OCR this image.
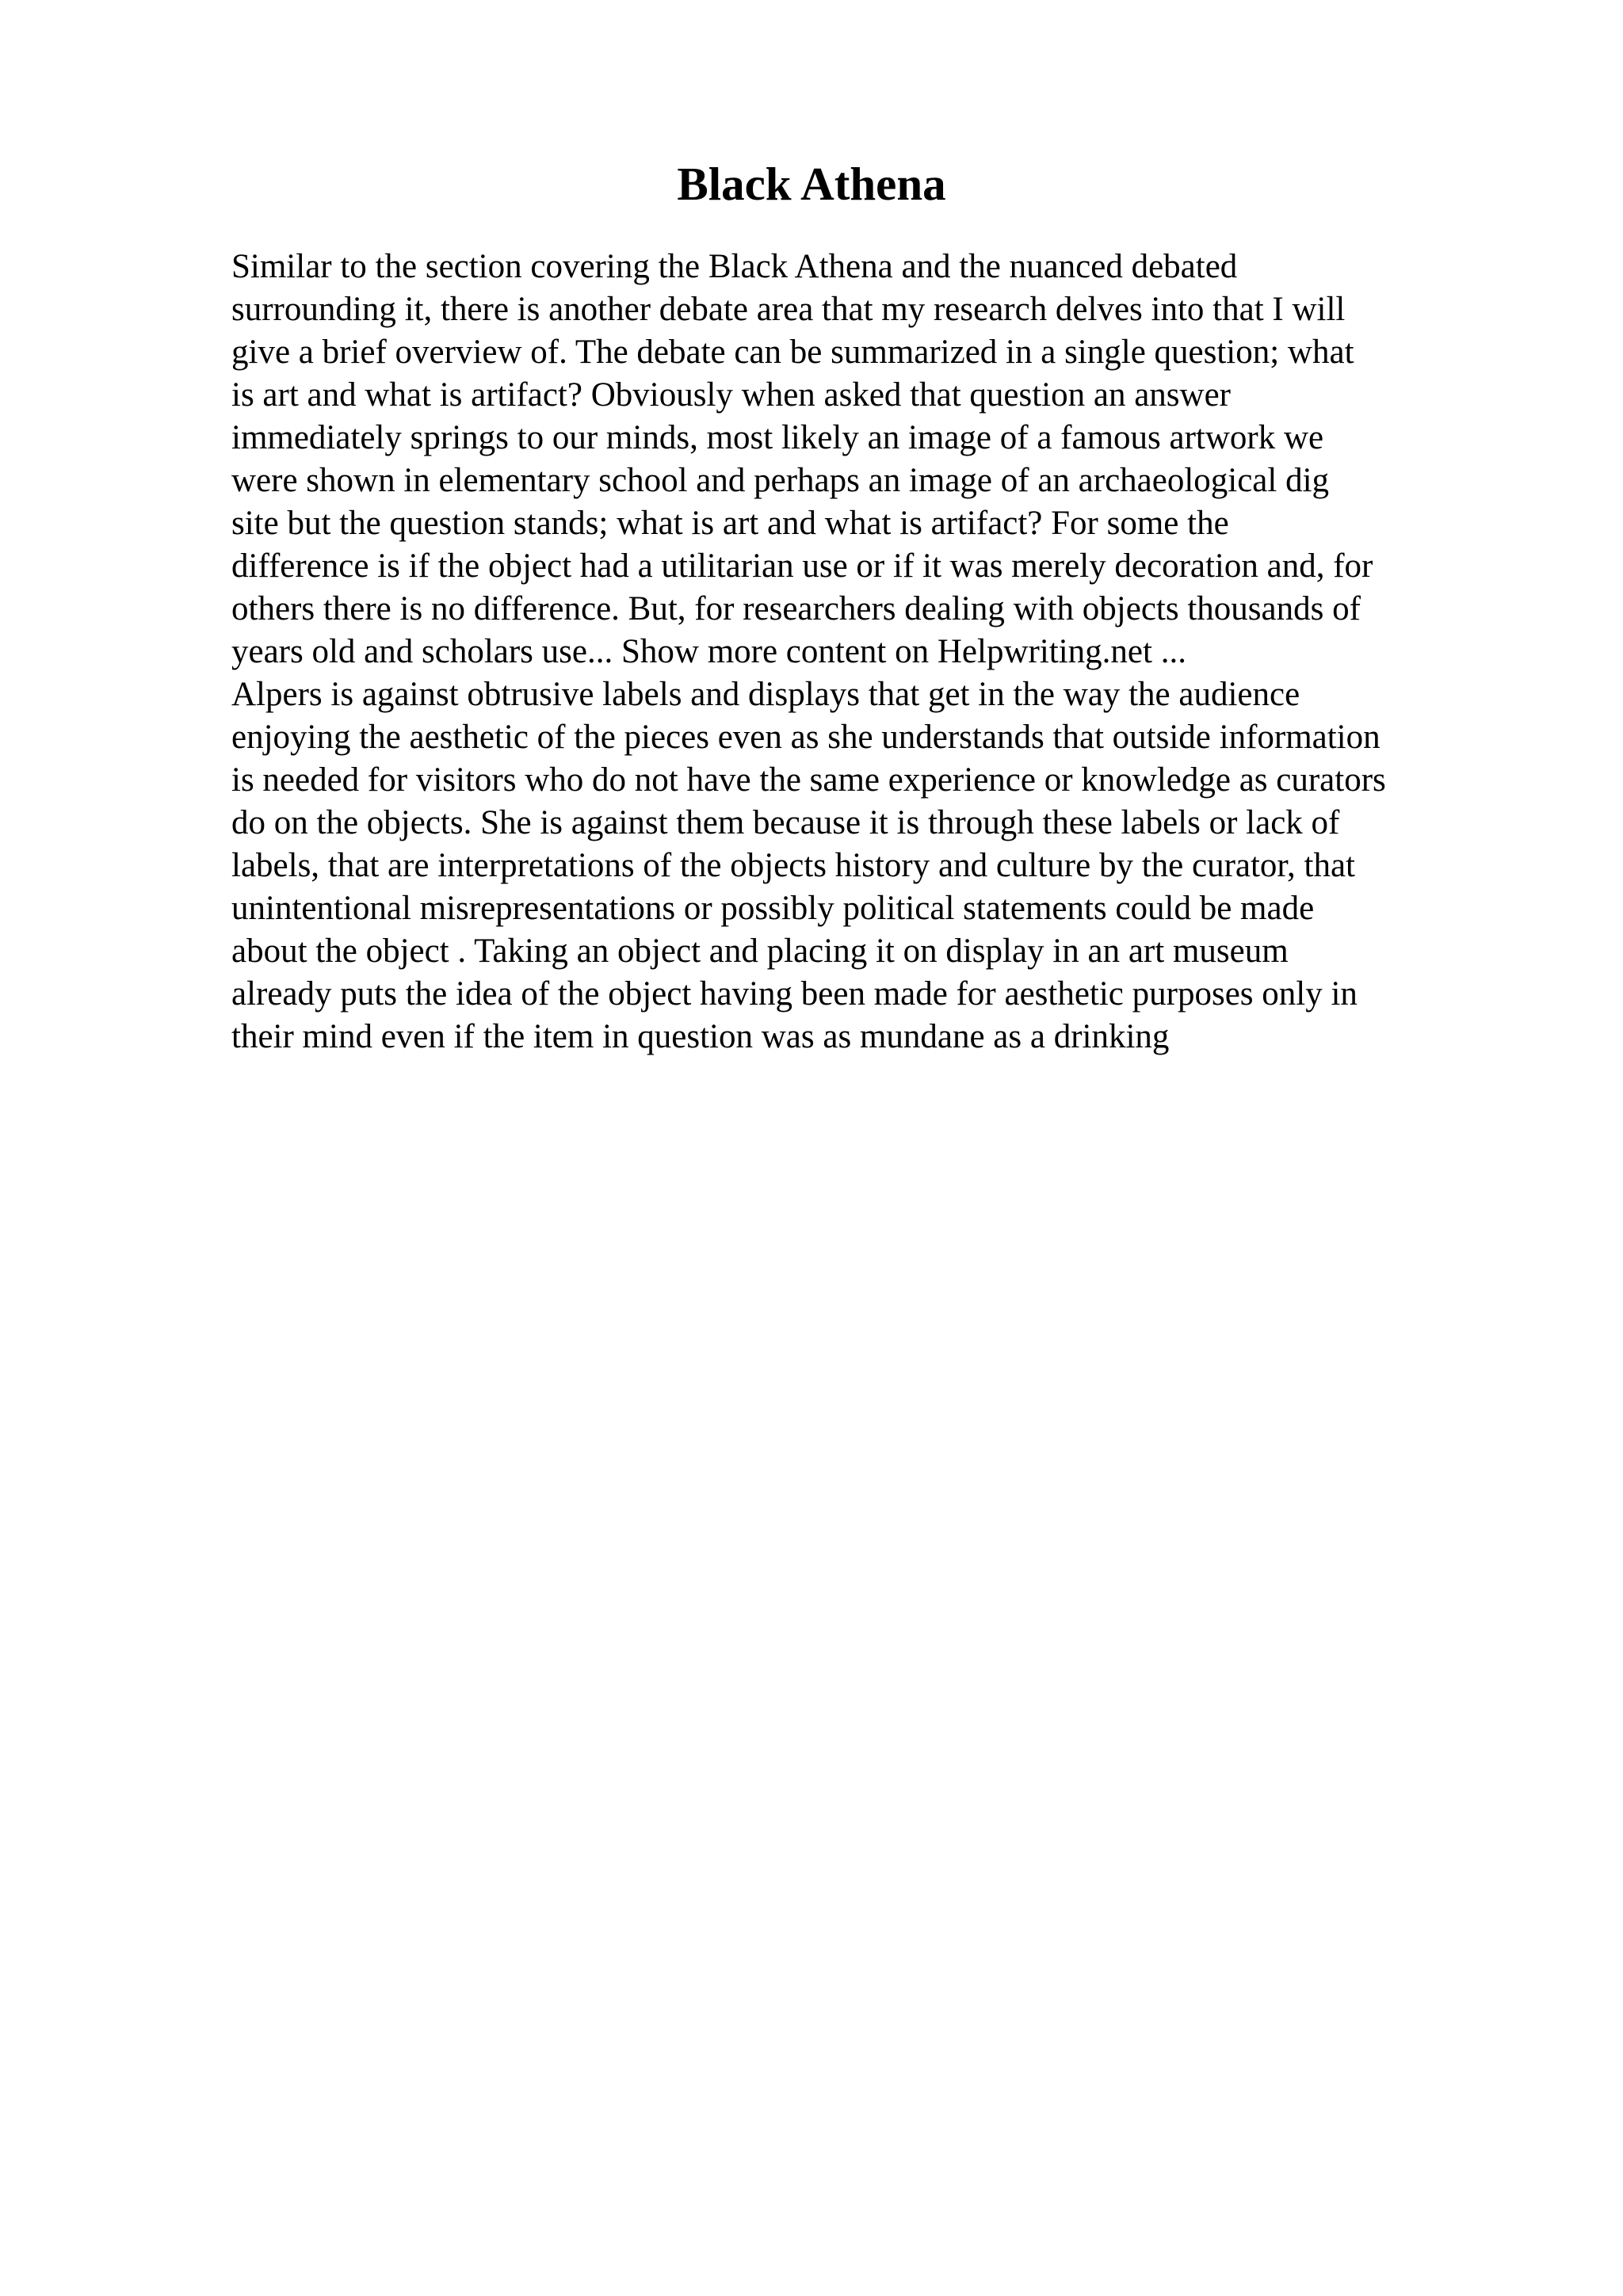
Black Athena
Similar to the section covering the Black Athena and the nuanced debated
surrounding it, there is another debate area that my research delves into that I will
give a brief overview of. The debate can be summarized in a single question; what
is art and what is artifact? Obviously when asked that question an answer
immediately springs to our minds, most likely an image of a famous artwork we
were shown in elementary school and perhaps an image of an archaeological dig
site but the question stands; what is art and what is artifact? For some the
difference is if the object had a utilitarian use or if it was merely decoration and, for
others there is no difference. But, for researchers dealing with objects thousands of
years old and scholars use... Show more content on Helpwriting.net ...
Alpers is against obtrusive labels and displays that get in the way the audience
enjoying the aesthetic of the pieces even as she understands that outside information
is needed for visitors who do not have the same experience or knowledge as curators
do on the objects. She is against them because it is through these labels or lack of
labels, that are interpretations of the objects history and culture by the curator, that
unintentional misrepresentations or possibly political statements could be made
about the object . Taking an object and placing it on display in an art museum
already puts the idea of the object having been made for aesthetic purposes only in
their mind even if the item in question was as mundane as a drinking
